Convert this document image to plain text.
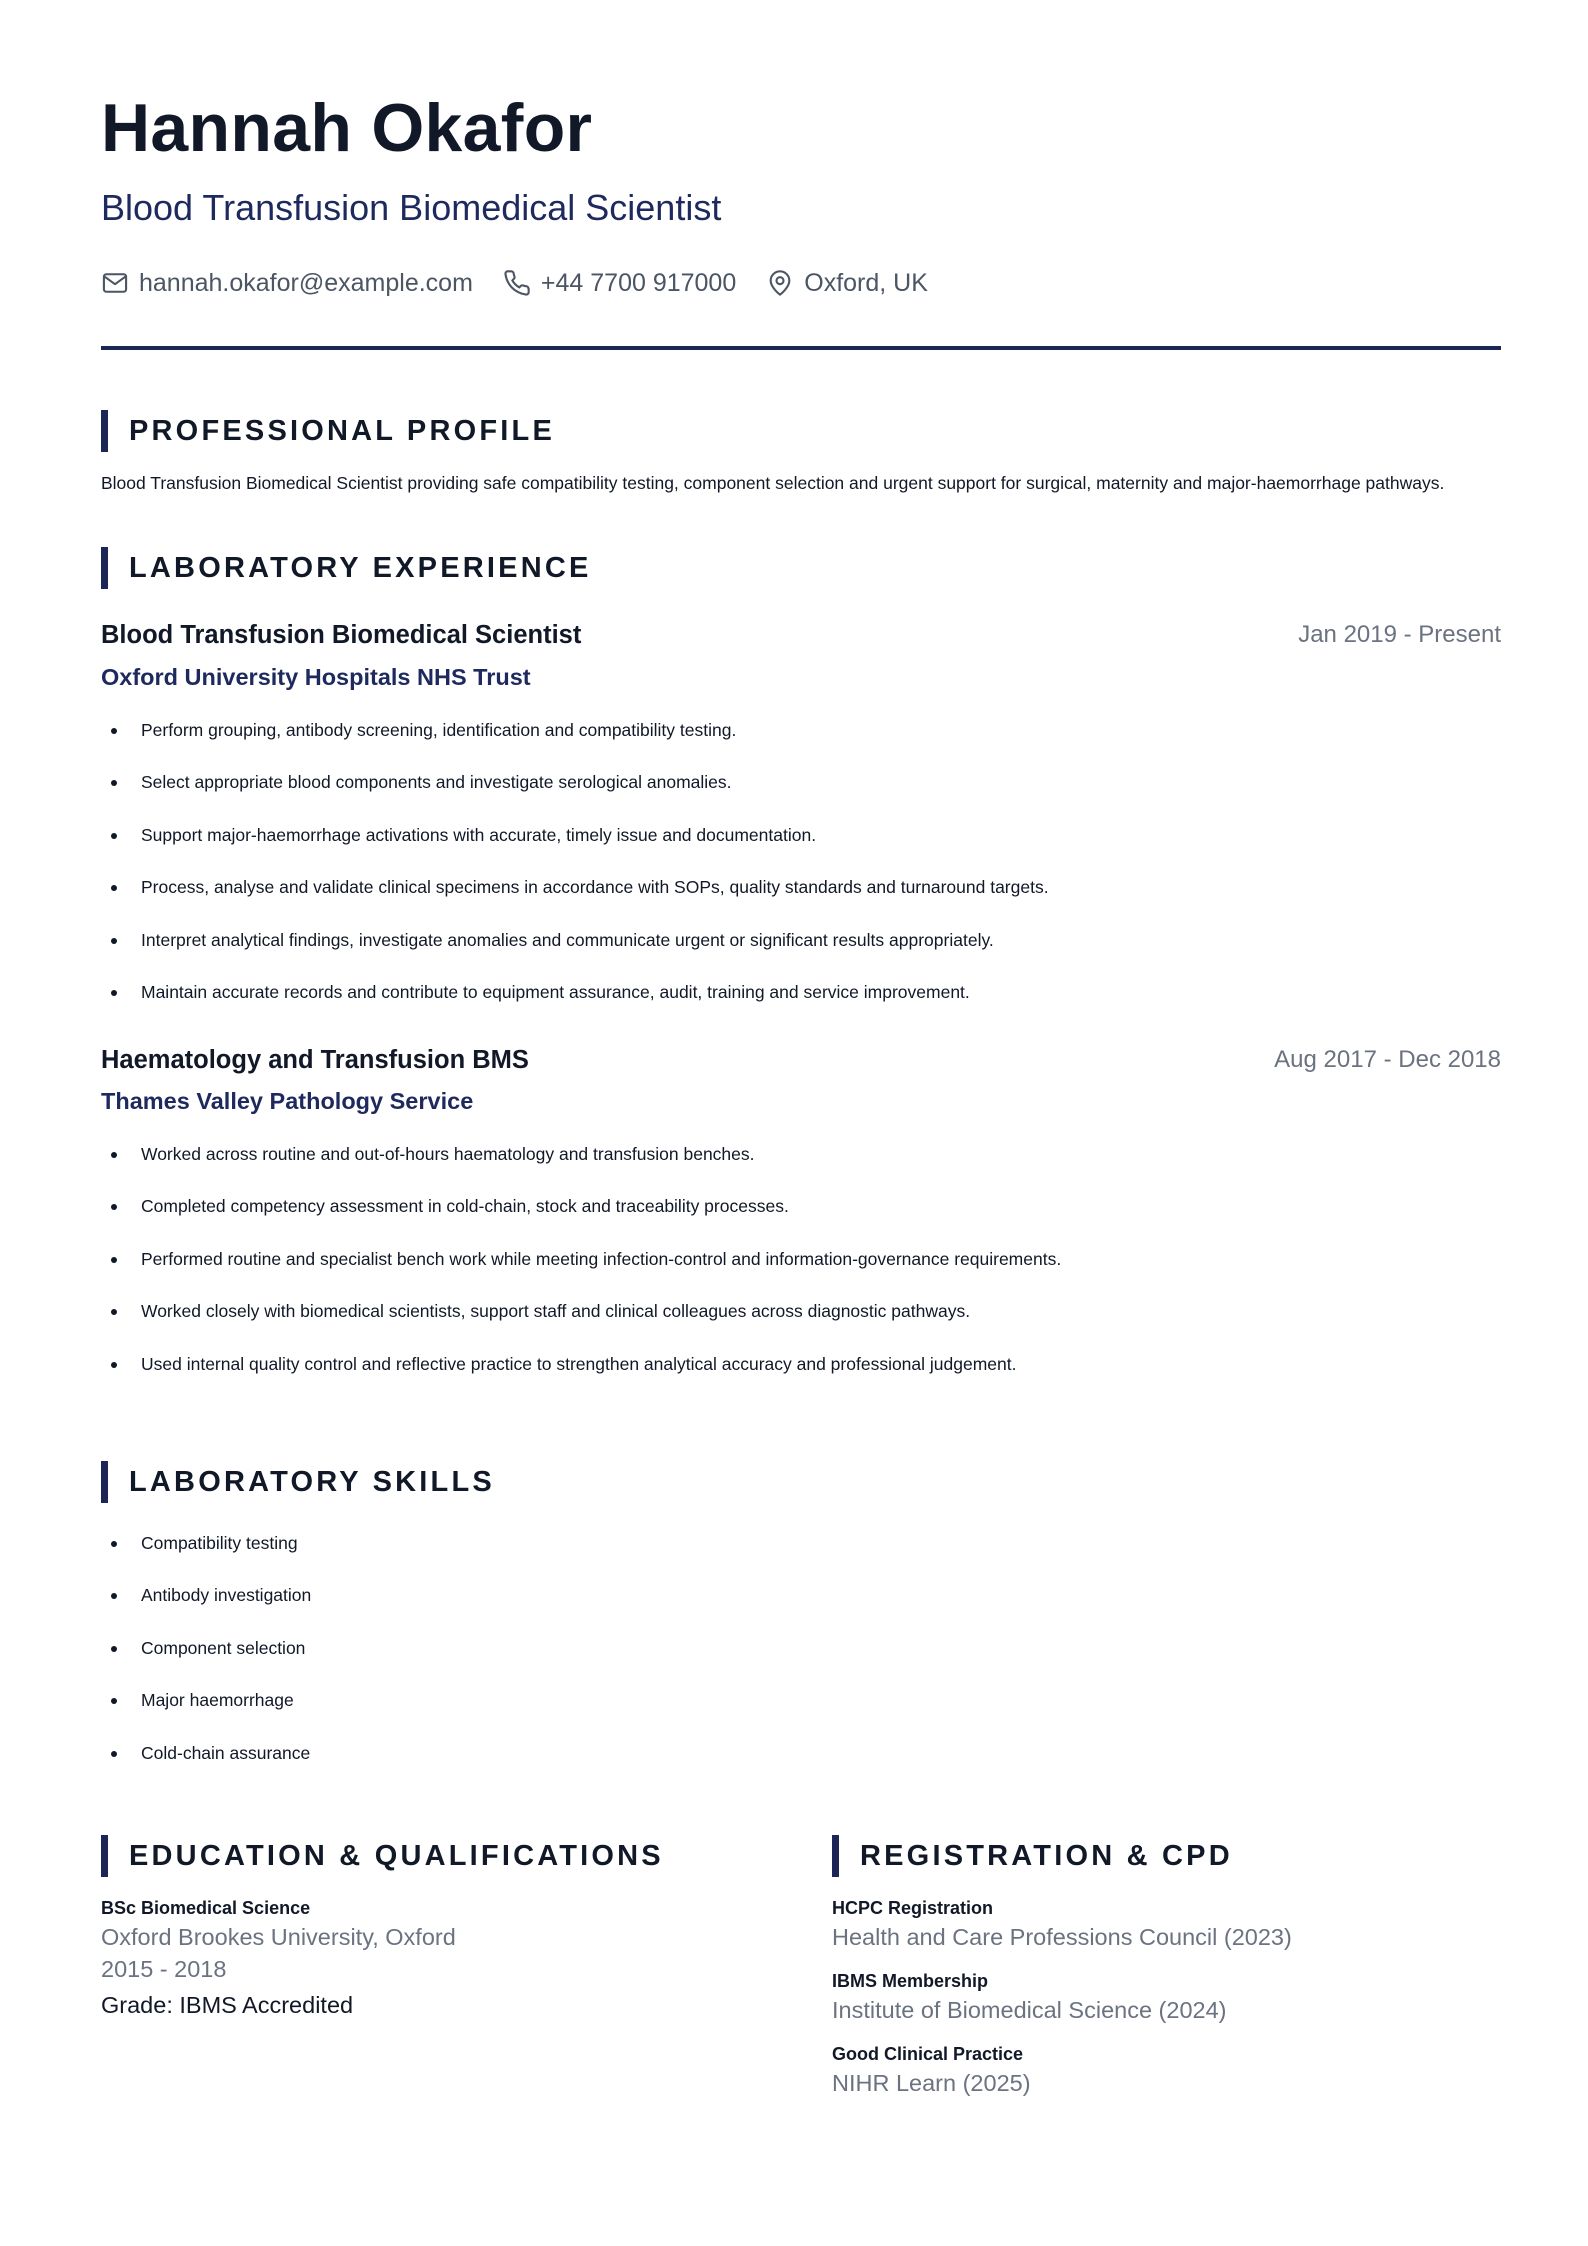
Hannah Okafor
Blood Transfusion Biomedical Scientist
hannah.okafor@example.com	+44 7700 917000	Oxford, UK
PROFESSIONAL PROFILE
Blood Transfusion Biomedical Scientist providing safe compatibility testing, component selection and urgent support for surgical, maternity and major-haemorrhage pathways.
LABORATORY EXPERIENCE
Blood Transfusion Biomedical Scientist	Jan 2019 - Present
Oxford University Hospitals NHS Trust
Perform grouping, antibody screening, identification and compatibility testing.
Select appropriate blood components and investigate serological anomalies.
Support major-haemorrhage activations with accurate, timely issue and documentation.
Process, analyse and validate clinical specimens in accordance with SOPs, quality standards and turnaround targets.
Interpret analytical findings, investigate anomalies and communicate urgent or significant results appropriately.
Maintain accurate records and contribute to equipment assurance, audit, training and service improvement.
Haematology and Transfusion BMS	Aug 2017 - Dec 2018
Thames Valley Pathology Service
Worked across routine and out-of-hours haematology and transfusion benches.
Completed competency assessment in cold-chain, stock and traceability processes.
Performed routine and specialist bench work while meeting infection-control and information-governance requirements.
Worked closely with biomedical scientists, support staff and clinical colleagues across diagnostic pathways.
Used internal quality control and reflective practice to strengthen analytical accuracy and professional judgement.
LABORATORY SKILLS
Compatibility testing
Antibody investigation
Component selection
Major haemorrhage
Cold-chain assurance
EDUCATION & QUALIFICATIONS
BSc Biomedical Science
Oxford Brookes University, Oxford
2015 - 2018
Grade: IBMS Accredited
REGISTRATION & CPD
HCPC Registration
Health and Care Professions Council (2023)
IBMS Membership
Institute of Biomedical Science (2024)
Good Clinical Practice
NIHR Learn (2025)
